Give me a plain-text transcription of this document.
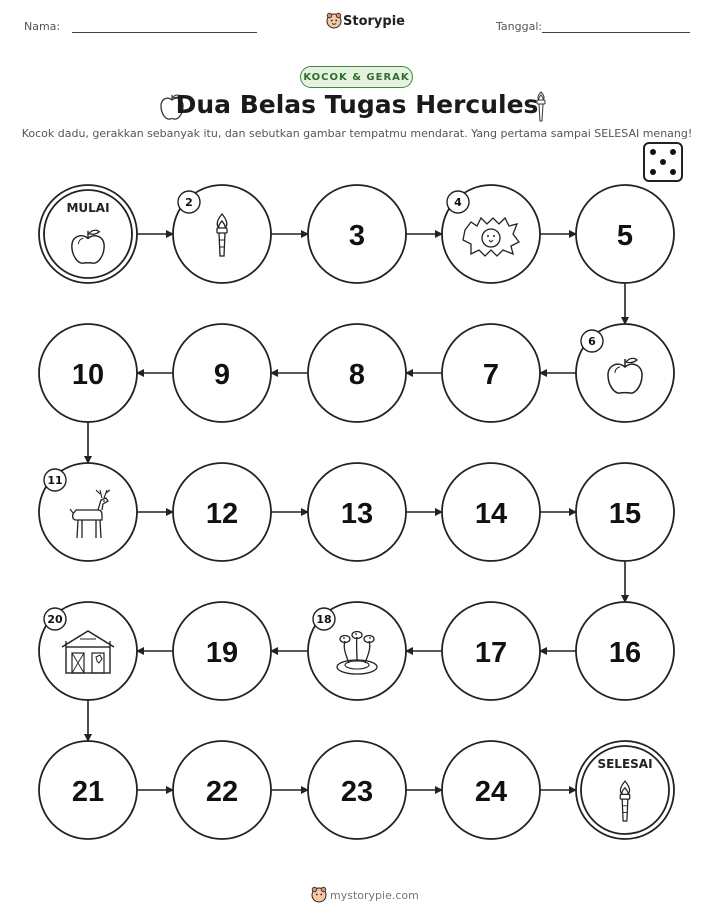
Nama:	Storypie	Tanggal:
KOCOK & GERAK
Dua Belas Tugas Hercules
Kocok dadu, gerakkan sebanyak itu, dan sebutkan gambar tempatmu mendarat. Yang pertama sampai SELESAI menang!
MULAI	2
3
4
5
6
7
8
9
10
11
12	13	14	15
16
17
18
19
20
21	22	23	24
SELESAI
mystorypie.com
